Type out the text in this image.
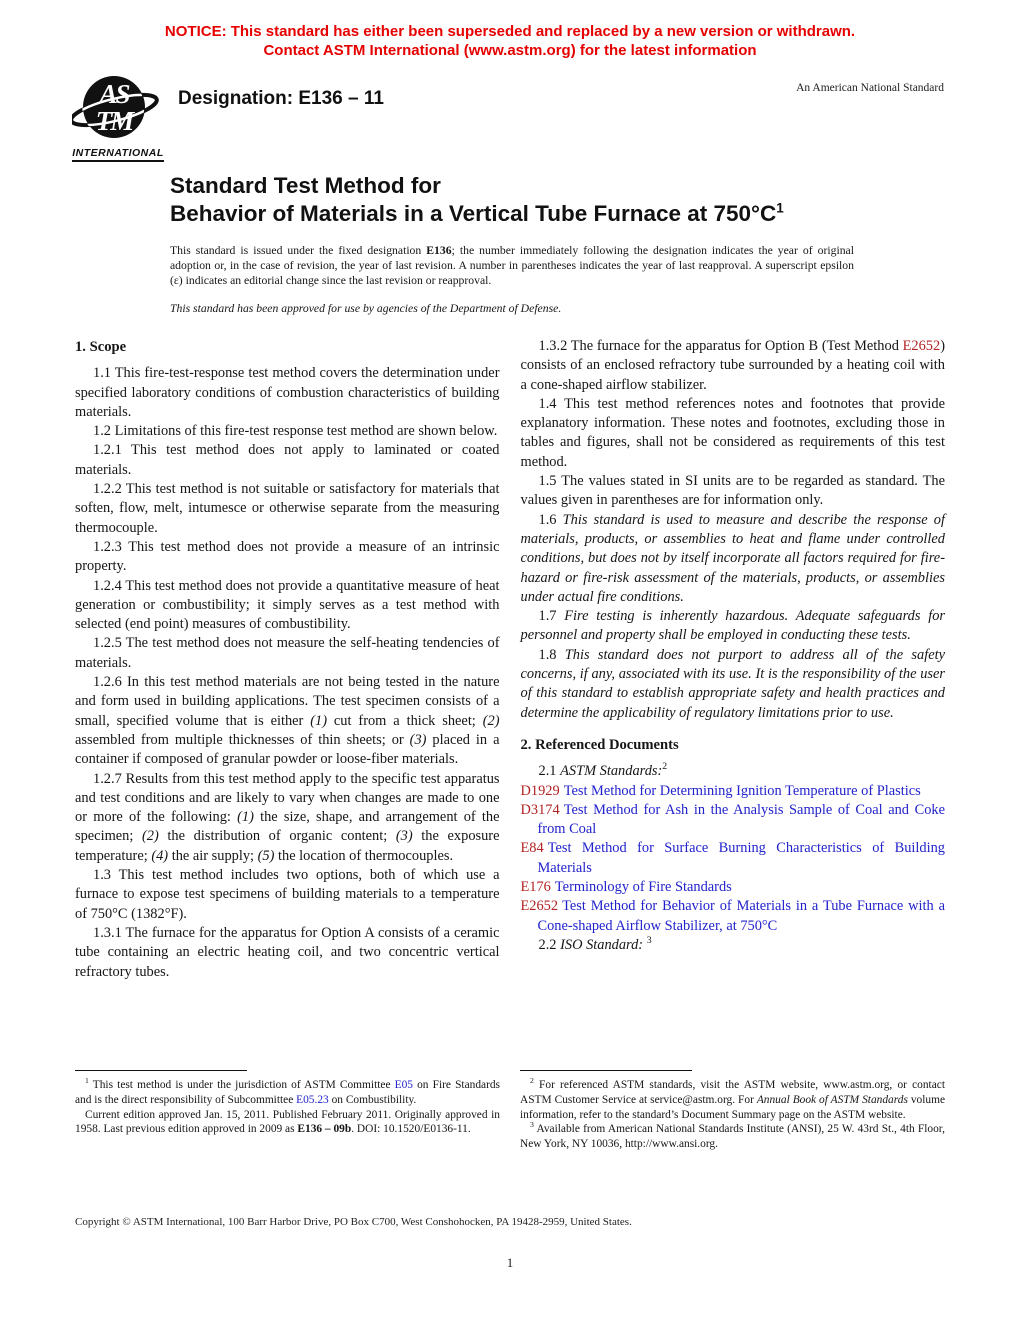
NOTICE: This standard has either been superseded and replaced by a new version or withdrawn.
Contact ASTM International (www.astm.org) for the latest information
AS
TM
INTERNATIONAL
Designation: E136 – 11	An American National Standard
Standard Test Method for
Behavior of Materials in a Vertical Tube Furnace at $750^\circ C^1$
This standard is issued under the fixed designation E136; the number immediately following the designation indicates the year of original adoption or, in the case of revision, the year of last revision. A number in parentheses indicates the year of last reapproval. A superscript epsilon (ε) indicates an editorial change since the last revision or reapproval.
This standard has been approved for use by agencies of the Department of Defense.
1. Scope

1.1 This fire-test-response test method covers the determination under specified laboratory conditions of combustion characteristics of building materials.

1.2 Limitations of this fire-test response test method are shown below.

1.2.1 This test method does not apply to laminated or coated materials.

1.2.2 This test method is not suitable or satisfactory for materials that soften, flow, melt, intumesce or otherwise separate from the measuring thermocouple.

1.2.3 This test method does not provide a measure of an intrinsic property.

1.2.4 This test method does not provide a quantitative measure of heat generation or combustibility; it simply serves as a test method with selected (end point) measures of combustibility.

1.2.5 The test method does not measure the self-heating tendencies of materials.

1.2.6 In this test method materials are not being tested in the nature and form used in building applications. The test specimen consists of a small, specified volume that is either (1) cut from a thick sheet; (2) assembled from multiple thicknesses of thin sheets; or (3) placed in a container if composed of granular powder or loose-fiber materials.

1.2.7 Results from this test method apply to the specific test apparatus and test conditions and are likely to vary when changes are made to one or more of the following: (1) the size, shape, and arrangement of the specimen; (2) the distribution of organic content; (3) the exposure temperature; (4) the air supply; (5) the location of thermocouples.

1.3 This test method includes two options, both of which use a furnace to expose test specimens of building materials to a temperature of 750°C (1382°F).

1.3.1 The furnace for the apparatus for Option A consists of a ceramic tube containing an electric heating coil, and two concentric vertical refractory tubes.

1.3.2 The furnace for the apparatus for Option B (Test Method E2652) consists of an enclosed refractory tube surrounded by a heating coil with a cone-shaped airflow stabilizer.

1.4 This test method references notes and footnotes that provide explanatory information. These notes and footnotes, excluding those in tables and figures, shall not be considered as requirements of this test method.

1.5 The values stated in SI units are to be regarded as standard. The values given in parentheses are for information only.

1.6 This standard is used to measure and describe the response of materials, products, or assemblies to heat and flame under controlled conditions, but does not by itself incorporate all factors required for fire-hazard or fire-risk assessment of the materials, products, or assemblies under actual fire conditions.

1.7 Fire testing is inherently hazardous. Adequate safeguards for personnel and property shall be employed in conducting these tests.

1.8 This standard does not purport to address all of the safety concerns, if any, associated with its use. It is the responsibility of the user of this standard to establish appropriate safety and health practices and determine the applicability of regulatory limitations prior to use.

2. Referenced Documents

2.1 ASTM Standards:$^2$

D1929 Test Method for Determining Ignition Temperature of Plastics
D3174 Test Method for Ash in the Analysis Sample of Coal and Coke from Coal
E84 Test Method for Surface Burning Characteristics of Building Materials
E176 Terminology of Fire Standards
E2652 Test Method for Behavior of Materials in a Tube Furnace with a Cone-shaped Airflow Stabilizer, at 750°C

2.2 ISO Standard: $^3$

$^1$ This test method is under the jurisdiction of ASTM Committee E05 on Fire Standards and is the direct responsibility of Subcommittee E05.23 on Combustibility.

Current edition approved Jan. 15, 2011. Published February 2011. Originally approved in 1958. Last previous edition approved in 2009 as E136 – 09b. DOI: 10.1520/E0136-11.

$^2$ For referenced ASTM standards, visit the ASTM website, www.astm.org, or contact ASTM Customer Service at service@astm.org. For Annual Book of ASTM Standards volume information, refer to the standard’s Document Summary page on the ASTM website.

$^3$ Available from American National Standards Institute (ANSI), 25 W. 43rd St., 4th Floor, New York, NY 10036, http://www.ansi.org.

Copyright © ASTM International, 100 Barr Harbor Drive, PO Box C700, West Conshohocken, PA 19428-2959, United States.
1
